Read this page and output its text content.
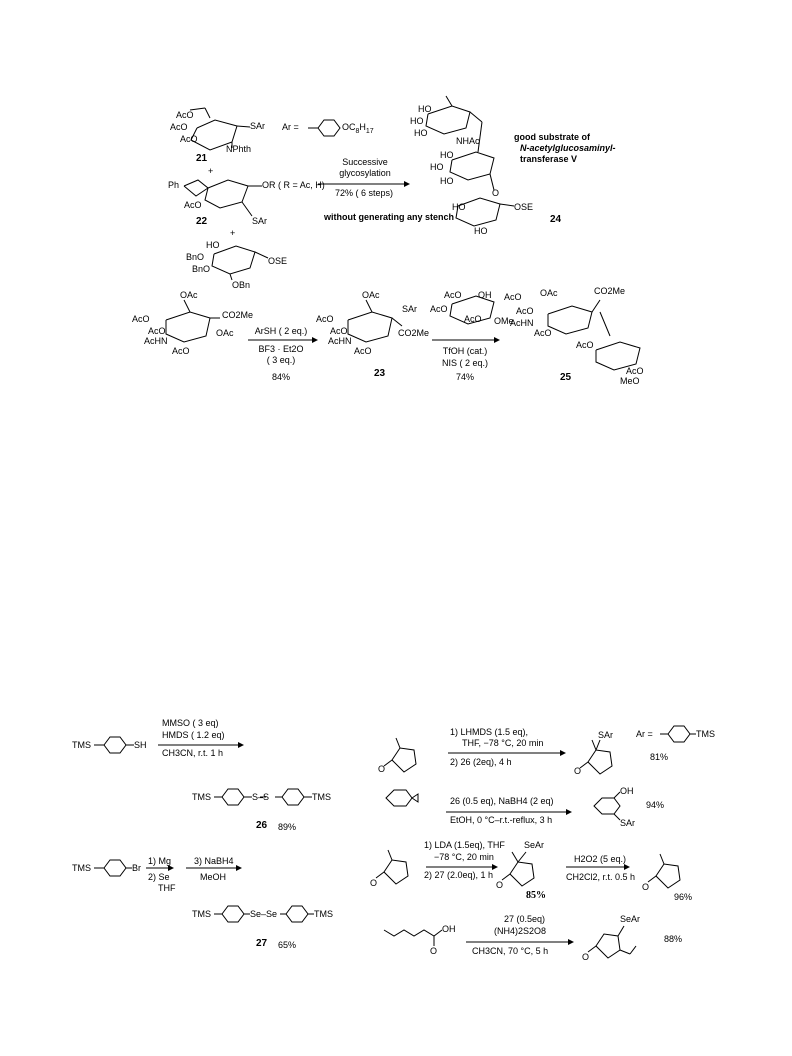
AcO
AcO
AcO
SAr
NPhth
21
Ar =	$OC_8H_{17}$
+
Ph	OR ( R = Ac, H)
AcO
SAr
22
+
HO
BnO
BnO
OBn
OSE
Successive
glycosylation
72% ( 6 steps)
without generating any stench
HO
HO
HO
NHAc
HO
HO
HO
HO
O
OSE
HO
24
good substrate of
N-acetylglucosaminyl-
transferase V
AcO
OAc
CO2Me
AcO
AcHN
OAc
AcO
ArSH ( 2 eq.)
BF3 · Et2O
( 3 eq.)
84%
AcO
OAc
SAr
AcO
AcHN
CO2Me
AcO
23
AcO OH
AcO
AcO OMe
TfOH (cat.)
NIS ( 2 eq.)
74%
AcO OAc	CO2Me
AcO
AcHN
AcO
AcO
AcO
MeO
25
TMS	SH
MMSO ( 3 eq)
HMDS ( 1.2 eq)
CH3CN, r.t. 1 h
TMS	S–S	TMS
26 89%
TMS	Br
1) Mg
2) Se
THF
3) NaBH4
MeOH
TMS	Se–Se	TMS
27 65%
1) LHMDS (1.5 eq),
THF, −78 °C, 20 min
2) 26 (2eq), 4 h
SAr	Ar =	TMS
81%
O	O
26 (0.5 eq), NaBH4 (2 eq)
EtOH, 0 °C–r.t.-reflux, 3 h
OH
SAr
94%
1) LDA (1.5eq), THF
−78 °C, 20 min
2) 27 (2.0eq), 1 h
SeAr
85%
H2O2 (5 eq.)
CH2Cl2, r.t. 0.5 h
96%
O	O	O
OH
O
27 (0.5eq)
(NH4)2S2O8
CH3CN, 70 °C, 5 h
SeAr
O
88%
